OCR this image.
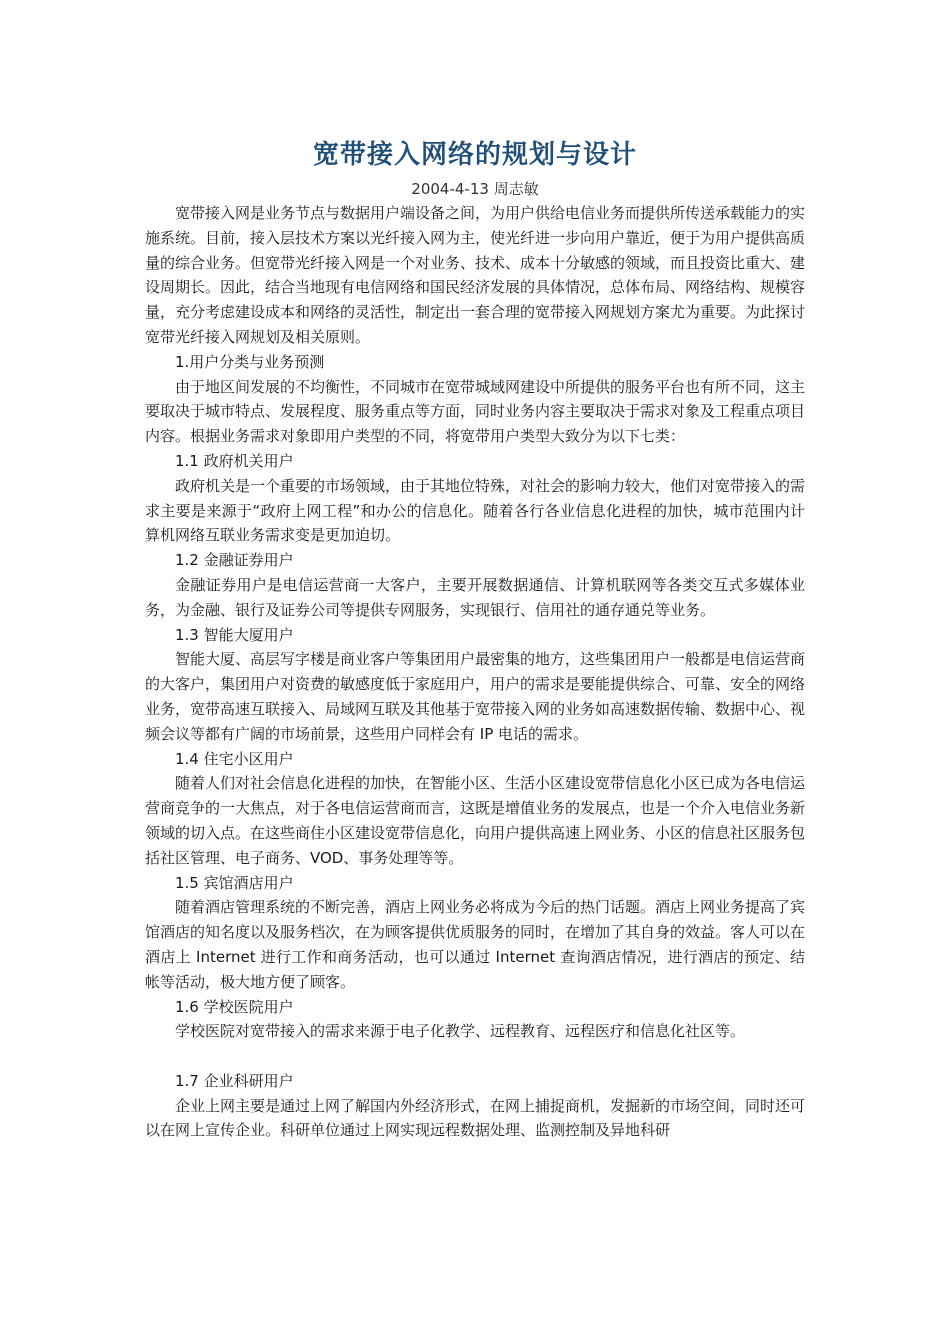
宽带接入网络的规划与设计
2004-4-13 周志敏

宽带接入网是业务节点与数据用户端设备之间，为用户供给电信业务而提供所传送承载能力的实施系统。目前，接入层技术方案以光纤接入网为主，使光纤进一步向用户靠近，便于为用户提供高质量的综合业务。但宽带光纤接入网是一个对业务、技术、成本十分敏感的领域，而且投资比重大、建设周期长。因此，结合当地现有电信网络和国民经济发展的具体情况，总体布局、网络结构、规模容量，充分考虑建设成本和网络的灵活性，制定出一套合理的宽带接入网规划方案尤为重要。为此探讨宽带光纤接入网规划及相关原则。

1.用户分类与业务预测

由于地区间发展的不均衡性，不同城市在宽带城域网建设中所提供的服务平台也有所不同，这主要取决于城市特点、发展程度、服务重点等方面，同时业务内容主要取决于需求对象及工程重点项目内容。根据业务需求对象即用户类型的不同，将宽带用户类型大致分为以下七类：

1.1 政府机关用户

政府机关是一个重要的市场领域，由于其地位特殊，对社会的影响力较大，他们对宽带接入的需求主要是来源于“政府上网工程”和办公的信息化。随着各行各业信息化进程的加快，城市范围内计算机网络互联业务需求变是更加迫切。

1.2 金融证券用户

金融证券用户是电信运营商一大客户，主要开展数据通信、计算机联网等各类交互式多媒体业务，为金融、银行及证券公司等提供专网服务，实现银行、信用社的通存通兑等业务。

1.3 智能大厦用户

智能大厦、高层写字楼是商业客户等集团用户最密集的地方，这些集团用户一般都是电信运营商的大客户，集团用户对资费的敏感度低于家庭用户，用户的需求是要能提供综合、可靠、安全的网络业务，宽带高速互联接入、局域网互联及其他基于宽带接入网的业务如高速数据传输、数据中心、视频会议等都有广阔的市场前景，这些用户同样会有 IP 电话的需求。

1.4 住宅小区用户

随着人们对社会信息化进程的加快，在智能小区、生活小区建设宽带信息化小区已成为各电信运营商竞争的一大焦点，对于各电信运营商而言，这既是增值业务的发展点，也是一个介入电信业务新领域的切入点。在这些商住小区建设宽带信息化，向用户提供高速上网业务、小区的信息社区服务包括社区管理、电子商务、VOD、事务处理等等。

1.5 宾馆酒店用户

随着酒店管理系统的不断完善，酒店上网业务必将成为今后的热门话题。酒店上网业务提高了宾馆酒店的知名度以及服务档次，在为顾客提供优质服务的同时，在增加了其自身的效益。客人可以在酒店上 Internet 进行工作和商务活动，也可以通过 Internet 查询酒店情况，进行酒店的预定、结帐等活动，极大地方便了顾客。

1.6 学校医院用户

学校医院对宽带接入的需求来源于电子化教学、远程教育、远程医疗和信息化社区等。

1.7 企业科研用户

企业上网主要是通过上网了解国内外经济形式，在网上捕捉商机，发掘新的市场空间，同时还可以在网上宣传企业。科研单位通过上网实现远程数据处理、监测控制及异地科研
